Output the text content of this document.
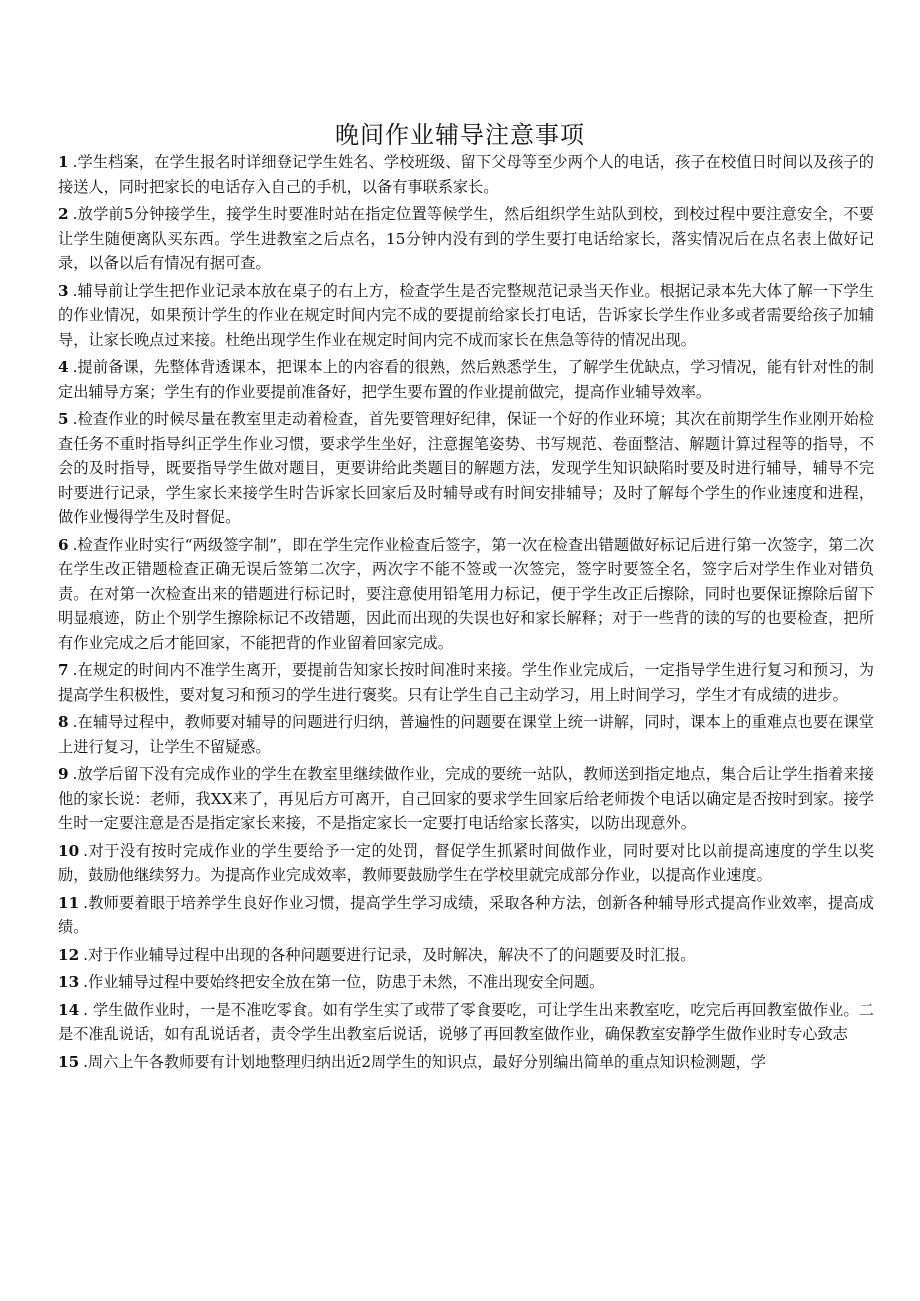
晚间作业辅导注意事项

1 .学生档案，在学生报名时详细登记学生姓名、学校班级、留下父母等至少两个人的电话，孩子在校值日时间以及孩子的接送人，同时把家长的电话存入自己的手机，以备有事联系家长。

2 .放学前5分钟接学生，接学生时要准时站在指定位置等候学生，然后组织学生站队到校，到校过程中要注意安全，不要让学生随便离队买东西。学生进教室之后点名，15分钟内没有到的学生要打电话给家长，落实情况后在点名表上做好记录，以备以后有情况有据可查。

3 .辅导前让学生把作业记录本放在桌子的右上方，检查学生是否完整规范记录当天作业。根据记录本先大体了解一下学生的作业情况，如果预计学生的作业在规定时间内完不成的要提前给家长打电话，告诉家长学生作业多或者需要给孩子加辅导，让家长晚点过来接。杜绝出现学生作业在规定时间内完不成而家长在焦急等待的情况出现。

4 .提前备课，先整体背透课本，把课本上的内容看的很熟，然后熟悉学生，了解学生优缺点，学习情况，能有针对性的制定出辅导方案；学生有的作业要提前准备好，把学生要布置的作业提前做完，提高作业辅导效率。

5 .检查作业的时候尽量在教室里走动着检查，首先要管理好纪律，保证一个好的作业环境；其次在前期学生作业刚开始检查任务不重时指导纠正学生作业习惯，要求学生坐好，注意握笔姿势、书写规范、卷面整洁、解题计算过程等的指导，不会的及时指导，既要指导学生做对题目，更要讲给此类题目的解题方法，发现学生知识缺陷时要及时进行辅导，辅导不完时要进行记录，学生家长来接学生时告诉家长回家后及时辅导或有时间安排辅导；及时了解每个学生的作业速度和进程，做作业慢得学生及时督促。

6 .检查作业时实行“两级签字制”，即在学生完作业检查后签字，第一次在检查出错题做好标记后进行第一次签字，第二次在学生改正错题检查正确无误后签第二次字，两次字不能不签或一次签完，签字时要签全名，签字后对学生作业对错负责。在对第一次检查出来的错题进行标记时，要注意使用铅笔用力标记，便于学生改正后擦除，同时也要保证擦除后留下明显痕迹，防止个别学生擦除标记不改错题，因此而出现的失误也好和家长解释；对于一些背的读的写的也要检查，把所有作业完成之后才能回家，不能把背的作业留着回家完成。

7 .在规定的时间内不准学生离开，要提前告知家长按时间准时来接。学生作业完成后，一定指导学生进行复习和预习，为提高学生积极性，要对复习和预习的学生进行褒奖。只有让学生自己主动学习，用上时间学习，学生才有成绩的进步。

8 .在辅导过程中，教师要对辅导的问题进行归纳，普遍性的问题要在课堂上统一讲解，同时，课本上的重难点也要在课堂上进行复习，让学生不留疑惑。

9 .放学后留下没有完成作业的学生在教室里继续做作业，完成的要统一站队，教师送到指定地点，集合后让学生指着来接他的家长说：老师，我XX来了，再见后方可离开，自己回家的要求学生回家后给老师拨个电话以确定是否按时到家。接学生时一定要注意是否是指定家长来接，不是指定家长一定要打电话给家长落实，以防出现意外。

10 .对于没有按时完成作业的学生要给予一定的处罚，督促学生抓紧时间做作业，同时要对比以前提高速度的学生以奖励，鼓励他继续努力。为提高作业完成效率，教师要鼓励学生在学校里就完成部分作业，以提高作业速度。

11 .教师要着眼于培养学生良好作业习惯，提高学生学习成绩，采取各种方法，创新各种辅导形式提高作业效率，提高成绩。

12 .对于作业辅导过程中出现的各种问题要进行记录，及时解决，解决不了的问题要及时汇报。

13 .作业辅导过程中要始终把安全放在第一位，防患于未然，不准出现安全问题。

14 . 学生做作业时，一是不准吃零食。如有学生实了或带了零食要吃，可让学生出来教室吃，吃完后再回教室做作业。二是不准乱说话，如有乱说话者，责令学生出教室后说话，说够了再回教室做作业，确保教室安静学生做作业时专心致志

15 .周六上午各教师要有计划地整理归纳出近2周学生的知识点，最好分别编出简单的重点知识检测题，学
